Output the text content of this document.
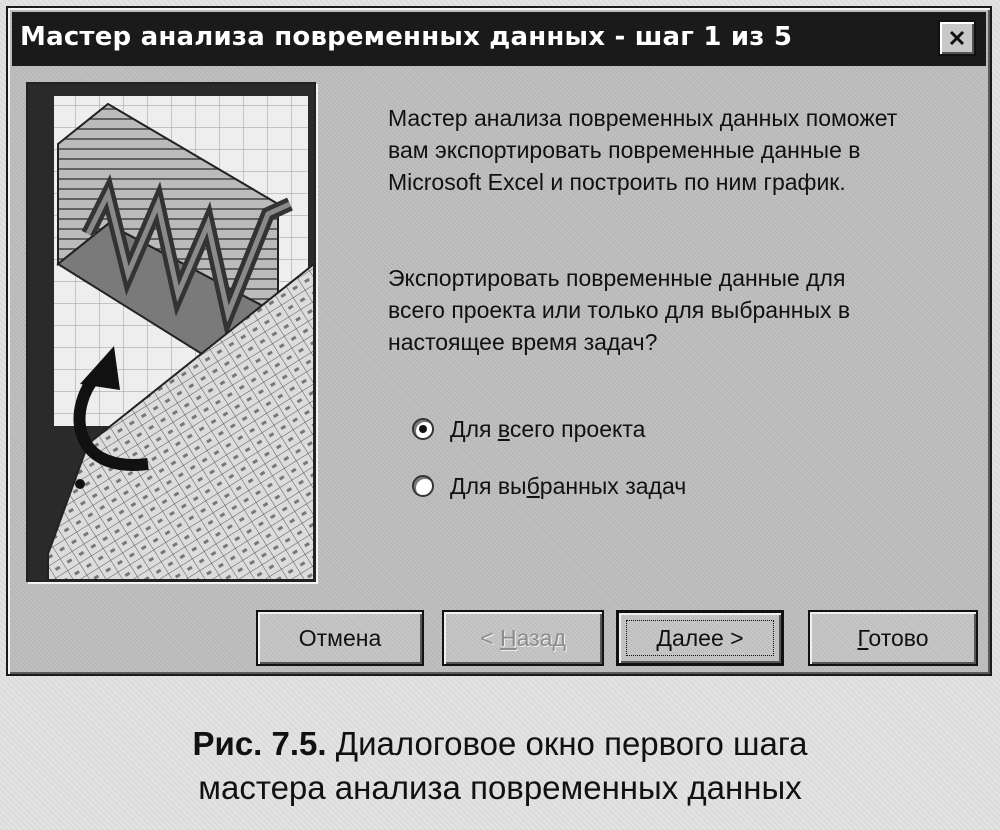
Мастер анализа повременных данных - шаг 1 из 5
Мастер анализа повременных данных поможет
вам экспортировать повременные данные в
Microsoft Excel и построить по ним график.
Экспортировать повременные данные для
всего проекта или только для выбранных в
настоящее время задач?
Для всего проекта
Для выбранных задач
Отмена	< Назад	Далее >	Готово
Рис. 7.5. Диалоговое окно первого шага
мастера анализа повременных данных
